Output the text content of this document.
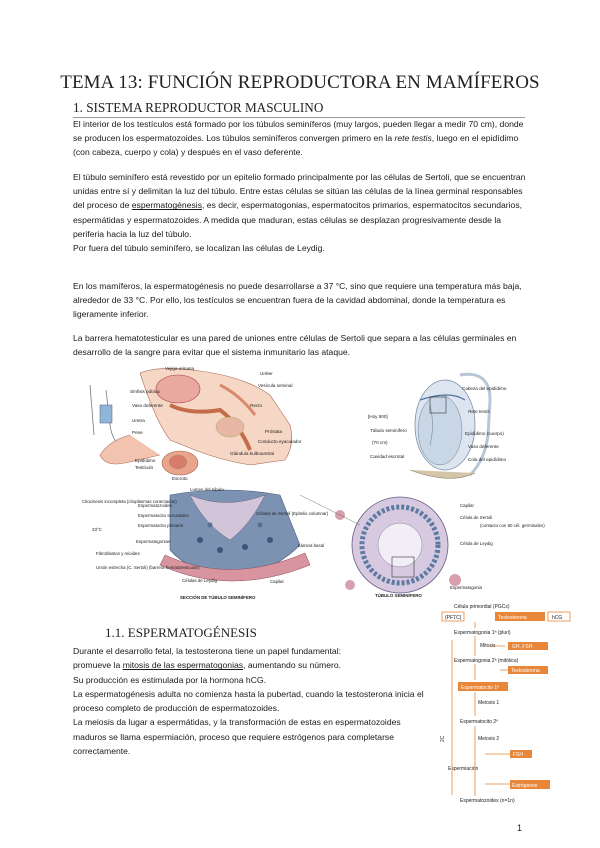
TEMA 13: FUNCIÓN REPRODUCTORA EN MAMÍFEROS
1. SISTEMA REPRODUCTOR MASCULINO
El interior de los testículos está formado por los túbulos seminíferos (muy largos, pueden llegar a medir 70 cm), donde se producen los espermatozoides. Los túbulos seminíferos convergen primero en la rete testis, luego en el epidídimo (con cabeza, cuerpo y cola) y después en el vaso deferente.
El túbulo seminífero está revestido por un epitelio formado principalmente por las células de Sertoli, que se encuentran unidas entre sí y delimitan la luz del túbulo. Entre estas células se sitúan las células de la línea germinal responsables del proceso de espermatogénesis, es decir, espermatogonias, espermatocitos primarios, espermatocitos secundarios, espermátidas y espermatozoides. A medida que maduran, estas células se desplazan progresivamente desde la periferia hacia la luz del túbulo.
Por fuera del túbulo seminífero, se localizan las células de Leydig.
En los mamíferos, la espermatogénesis no puede desarrollarse a 37 °C, sino que requiere una temperatura más baja, alrededor de 33 °C. Por ello, los testículos se encuentran fuera de la cavidad abdominal, donde la temperatura es ligeramente inferior.
La barrera hematotesticular es una pared de uniones entre células de Sertoli que separa a las células germinales en desarrollo de la sangre para evitar que el sistema inmunitario las ataque.
Vejiga urinaria
Uréter
Vesícula seminal
Sínfisis púbica
Vaso deferente
Uretra
Pene
Recto
Próstata
Conducto eyaculador
Glándula bulbouretral
Epidídimo
Testículo
Escroto
Cabeza del epidídimo
Rete testis
[Hoy 500]
Túbulo seminífero
(70 cm)
Epidídimo (cuerpo)
Vaso deferente
Cavidad escrotal
Cola del epidídimo
Lumen del túbulo
Espermatozoides
Espermatocito secundario
Espermatocito primario
Espermatogonias
Citocinesis incompleta (citoplasmas conectados)
33°C
Células de Sertoli (Epitelio columnar)
Lámina basal
Fibroblastos y mioides
Unión estrecha (C. Sertoli) (barrera hematotesticular)
Células de Leydig	Capilar
SECCIÓN DE TÚBULO SEMINÍFERO
Capilar
Célula de Sertoli
(contacto con 50 cél. germinales)
Célula de Leydig
Espermatogonia
TÚBULO SEMINÍFERO
1.1. ESPERMATOGÉNESIS
Durante el desarrollo fetal, la testosterona tiene un papel fundamental:
promueve la mitosis de las espermatogonias, aumentando su número.
Su producción es estimulada por la hormona hCG.
La espermatogénesis adulta no comienza hasta la pubertad, cuando la testosterona inicia el proceso completo de producción de espermatozoides.
La meiosis da lugar a espermátidas, y la transformación de estas en espermatozoides maduros se llama espermiación, proceso que requiere estrógenos para completarse correctamente.
Célula primordial (PGCs)
(PFTC)	Testosterona	hCG
Espermatogonia 1ª (pluri)
Mitosis	GH, FSH
Espermatogonia 2ª (mitótica)
Testosterona
Espermatocito 1º
Meiosis 1
Espermatocito 2º
Meiosis 2
FSH
Espermiación
Estrógenos
Espermatozoides (n=1n)
2C
1
